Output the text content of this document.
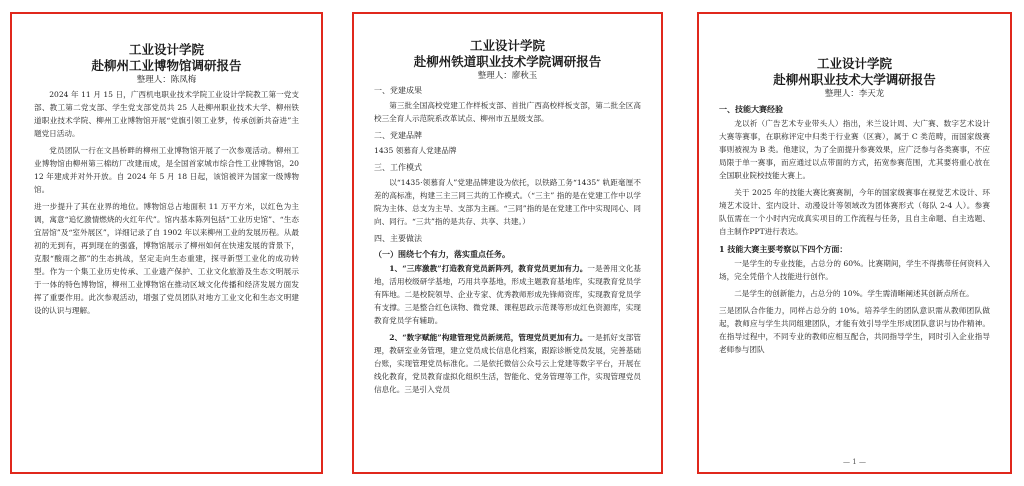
工业设计学院

赴柳州工业博物馆调研报告

整理人：陈凤梅

2024 年 11 月 15 日，广西机电职业技术学院工业设计学院教工第一党支部、教工第二党支部、学生党支部党员共 25 人赴柳州职业技术大学、柳州铁道职业技术学院、柳州工业博物馆开展“党旗引领工业梦，传承创新共奋进”主题党日活动。

党员团队一行在文昌桥畔的柳州工业博物馆开展了一次参观活动。柳州工业博物馆由柳州第三棉纺厂改建而成，是全国首家城市综合性工业博物馆，2012 年建成并对外开放。自 2024 年 5 月 18 日起，该馆被评为国家一级博物馆。

进一步提升了其在业界的地位。博物馆总占地面积 11 万平方米，以红色为主调，寓意“追忆激情燃烧的火红年代”。馆内基本陈列包括“工业历史馆”、“生态宜居馆”及“室外展区”，详细记录了自 1902 年以来柳州工业的发展历程。从最初的无到有，再到现在的强盛，博物馆展示了柳州如何在快速发展的背景下，克服“酸雨之都”的生态挑战，坚定走向生态重建，探寻新型工业化的成功转型。作为一个集工业历史传承、工业遗产保护、工业文化旅游及生态文明展示于一体的特色博物馆，柳州工业博物馆在推动区域文化传播和经济发展方面发挥了重要作用。此次参观活动，增强了党员团队对地方工业文化和生态文明建设的认识与理解。

工业设计学院

赴柳州铁道职业技术学院调研报告

整理人：廖秋玉

一、党建成果

第三批全国高校党建工作样板支部、首批广西高校样板支部，第二批全区高校三全育人示范院系改革试点、柳州市五星级支部。

二、党建品牌

1435 领慕育人党建品牌

三、工作模式

以“1435·领慕育人”党建品牌建设为依托，以铁路工务“1435” 轨距毫厘不差的高标准，构建三主三同三共的工作模式。（“三主” 指的是在党建工作中以学院为主体、总支为主导、支部为主画。“三同”指的是在党建工作中实现同心、同向、同行。“三共”指的是共存、共享、共建。）

四、主要做法

（一）围绕七个有力，落实重点任务。

1、“三库激教”打造教育党员新阵列，教育党员更加有力。一是善用文化基地，活用校级研学基地，巧用共享基地，形成主题教育基地库，实现教育党员学有阵地。二是校院领导、企业专家、优秀教师形成先锋师资库，实现教育党员学有支撑。三是整合红色读物、微党课、课程思政示范课等形成红色资源库，实现教育党员学有辅助。

2、“数字赋能”构建管理党员新规范，管理党员更加有力。一是抓好支部管理，教研室业务管理，建立党员成长信息化档案，跟踪诊断党员发展，完善基础台账，实现管理党员标准化。二是依托微信公众号云上党建等数字平台，开展在线化教育，党员教育虚拟化组织生活，智能化、党务管理等工作，实现管理党员信息化。三是引入党员

工业设计学院

赴柳州职业技术大学调研报告

整理人：李天龙

一、技能大赛经验

龙以祈（广告艺术专业带头人）指出，米兰设计周、大广赛、数字艺术设计大赛等赛事，在职称评定中归类于行业赛（区赛），属于 C 类范畴，而国家级赛事则被视为 B 类。他建议，为了全面提升参赛效果，应广泛参与各类赛事，不应局限于单一赛事，而应通过以点带面的方式，拓宽参赛范围，尤其要将重心放在全国职业院校技能大赛上。

关于 2025 年的技能大赛比赛赛制，今年的国家级赛事在视觉艺术设计、环境艺术设计、室内设计、动漫设计等领域改为团体赛形式（每队 2-4 人）。参赛队伍需在一个小时内完成真实项目的工作流程与任务，且自主命题、自主选题、自主制作PPT进行表达。

1 技能大赛主要考察以下四个方面：

一是学生的专业技能，占总分的 60%。比赛期间，学生不得携带任何资料入场，完全凭借个人技能进行创作。

二是学生的创新能力，占总分的 10%。学生需清晰阐述其创新点所在。

三是团队合作能力，同样占总分的 10%。培养学生的团队意识需从教师团队做起，教师应与学生共同组建团队，才能有效引导学生形成团队意识与协作精神。在指导过程中，不同专业的教师应相互配合，共同指导学生，同时引入企业指导老师参与团队

— 1 —
